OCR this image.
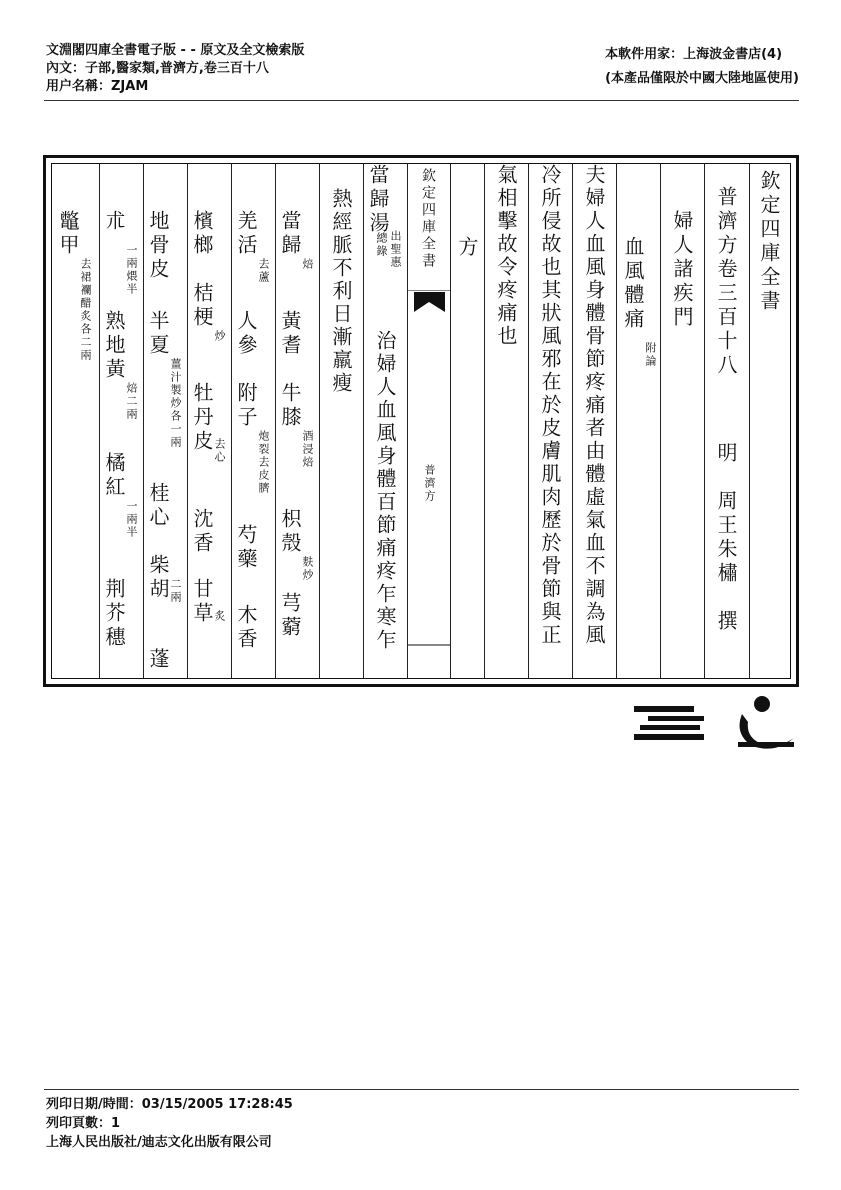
文淵閣四庫全書電子版 - - 原文及全文檢索版
內文：子部,醫家類,普濟方,卷三百十八
用户名稱：ZJAM
本軟件用家：上海波金書店(4)
(本產品僅限於中國大陸地區使用)
欽定四庫全書
普濟方卷三百十八
明　周王朱橚　撰
婦人諸疾門
血風體痛
附論
夫婦人血風身體骨節疼痛者由體虛氣血不調為風
冷所侵故也其狀風邪在於皮膚肌肉歷於骨節與正
氣相擊故令疼痛也
方
欽定四庫全書
普濟方
當歸湯
出聖惠
總錄
治婦人血風身體百節痛疼乍寒乍
熱經脈不利日漸羸瘦
當歸
焙
黃耆
牛膝
酒浸焙
枳殼
麩炒
芎藭
羌活
去蘆
人參
附子
炮裂去皮臍
芍藥
木香
檳榔
桔梗
炒
牡丹皮 去心
沈香
甘草 炙
地骨皮
半夏
薑汁製炒各一兩
桂心
柴胡 二兩
蓬
朮
一兩煨半
熟地黃
焙二兩
橘紅
一兩半
荆芥穗
鼈甲
去裙襴醋炙各二兩
列印日期/時間：03/15/2005 17:28:45
列印頁數：1
上海人民出版社/迪志文化出版有限公司
